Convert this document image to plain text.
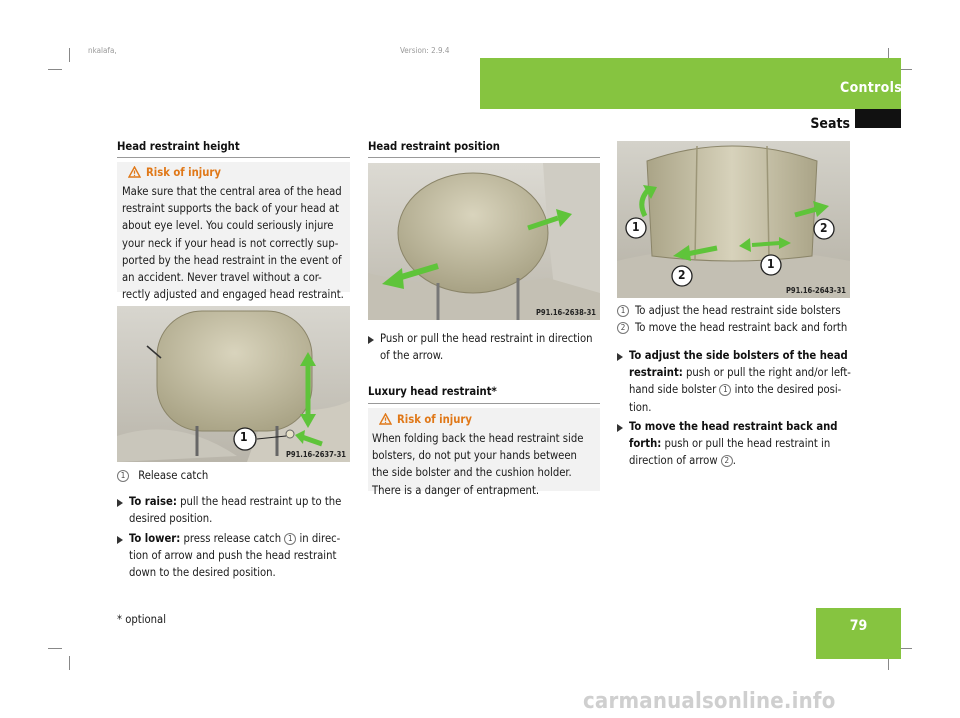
nkalafa,	Version: 2.9.4
Controls
Seats
Head restraint height
Risk of injury
Make sure that the central area of the head
restraint supports the back of your head at
about eye level. You could seriously injure
your neck if your head is not correctly sup-
ported by the head restraint in the event of
an accident. Never travel without a cor-
rectly adjusted and engaged head restraint.
1
P91.16-2637-31
1 Release catch
To raise: pull the head restraint up to the
desired position.
To lower: press release catch 1 in direc-
tion of arrow and push the head restraint
down to the desired position.
Head restraint position
P91.16-2638-31
Push or pull the head restraint in direction
of the arrow.
Luxury head restraint*
Risk of injury
When folding back the head restraint side
bolsters, do not put your hands between
the side bolster and the cushion holder.
There is a danger of entrapment.
1	2
2
1
P91.16-2643-31
1 To adjust the head restraint side bolsters
2 To move the head restraint back and forth
To adjust the side bolsters of the head
restraint: push or pull the right and/or left-
hand side bolster 1 into the desired posi-
tion.
To move the head restraint back and
forth: push or pull the head restraint in
direction of arrow 2 .
* optional	79
carmanualsonline.info
